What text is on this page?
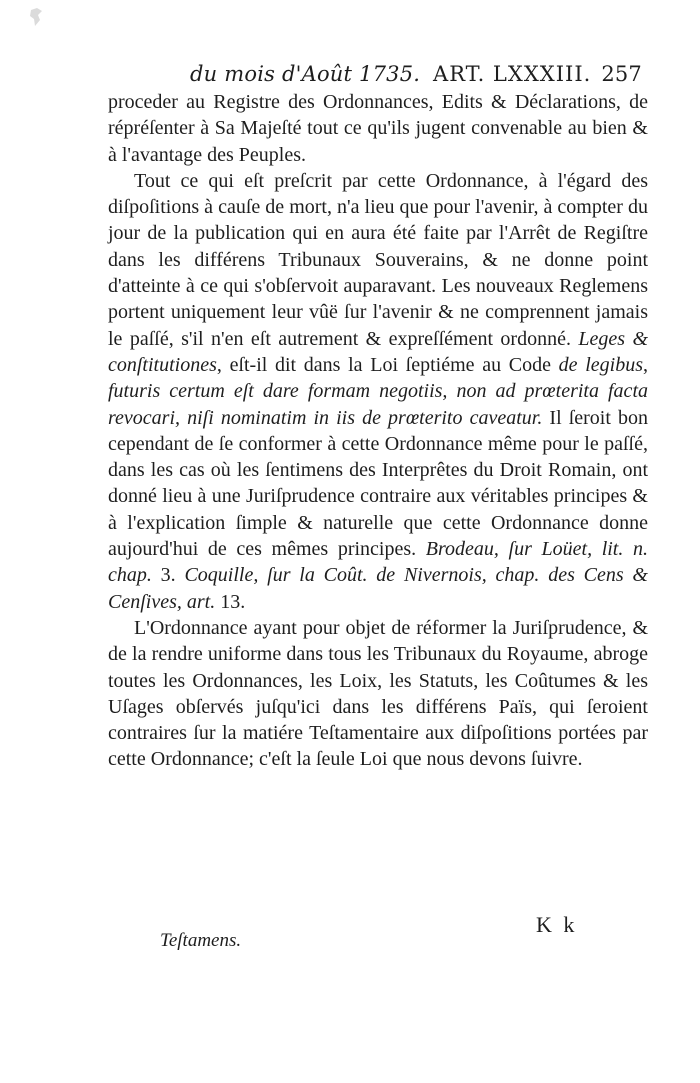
du mois d'Août 1735. ART. LXXXIII. 257

proceder au Registre des Ordonnances, Edits & Déclarations, de répréſenter à Sa Majeſté tout ce qu'ils jugent convenable au bien & à l'avantage des Peuples.

Tout ce qui eſt preſcrit par cette Ordonnance, à l'égard des diſpoſitions à cauſe de mort, n'a lieu que pour l'avenir, à compter du jour de la publication qui en aura été faite par l'Arrêt de Regiſtre dans les différens Tribunaux Souverains, & ne donne point d'atteinte à ce qui s'obſervoit auparavant. Les nouveaux Reglemens portent uniquement leur vûë ſur l'avenir & ne comprennent jamais le paſſé, s'il n'en eſt autrement & expreſſément ordonné. Leges & conſtitutiones, eſt-il dit dans la Loi ſeptiéme au Code de legibus, futuris certum eſt dare formam negotiis, non ad prœterita facta revocari, niſi nominatim in iis de prœterito caveatur. Il ſeroit bon cependant de ſe conformer à cette Ordonnance même pour le paſſé, dans les cas où les ſentimens des Interprêtes du Droit Romain, ont donné lieu à une Juriſprudence contraire aux véritables principes & à l'explication ſimple & naturelle que cette Ordonnance donne aujourd'hui de ces mêmes principes. Brodeau, ſur Loüet, lit. n. chap. 3. Coquille, ſur la Coût. de Nivernois, chap. des Cens & Cenſives, art. 13.

L'Ordonnance ayant pour objet de réformer la Juriſprudence, & de la rendre uniforme dans tous les Tribunaux du Royaume, abroge toutes les Ordonnances, les Loix, les Statuts, les Coûtumes & les Uſages obſervés juſqu'ici dans les différens Païs, qui ſeroient contraires ſur la matiére Teſtamentaire aux diſpoſitions portées par cette Ordonnance; c'eſt la ſeule Loi que nous devons ſuivre.

Teſtamens.
K k
